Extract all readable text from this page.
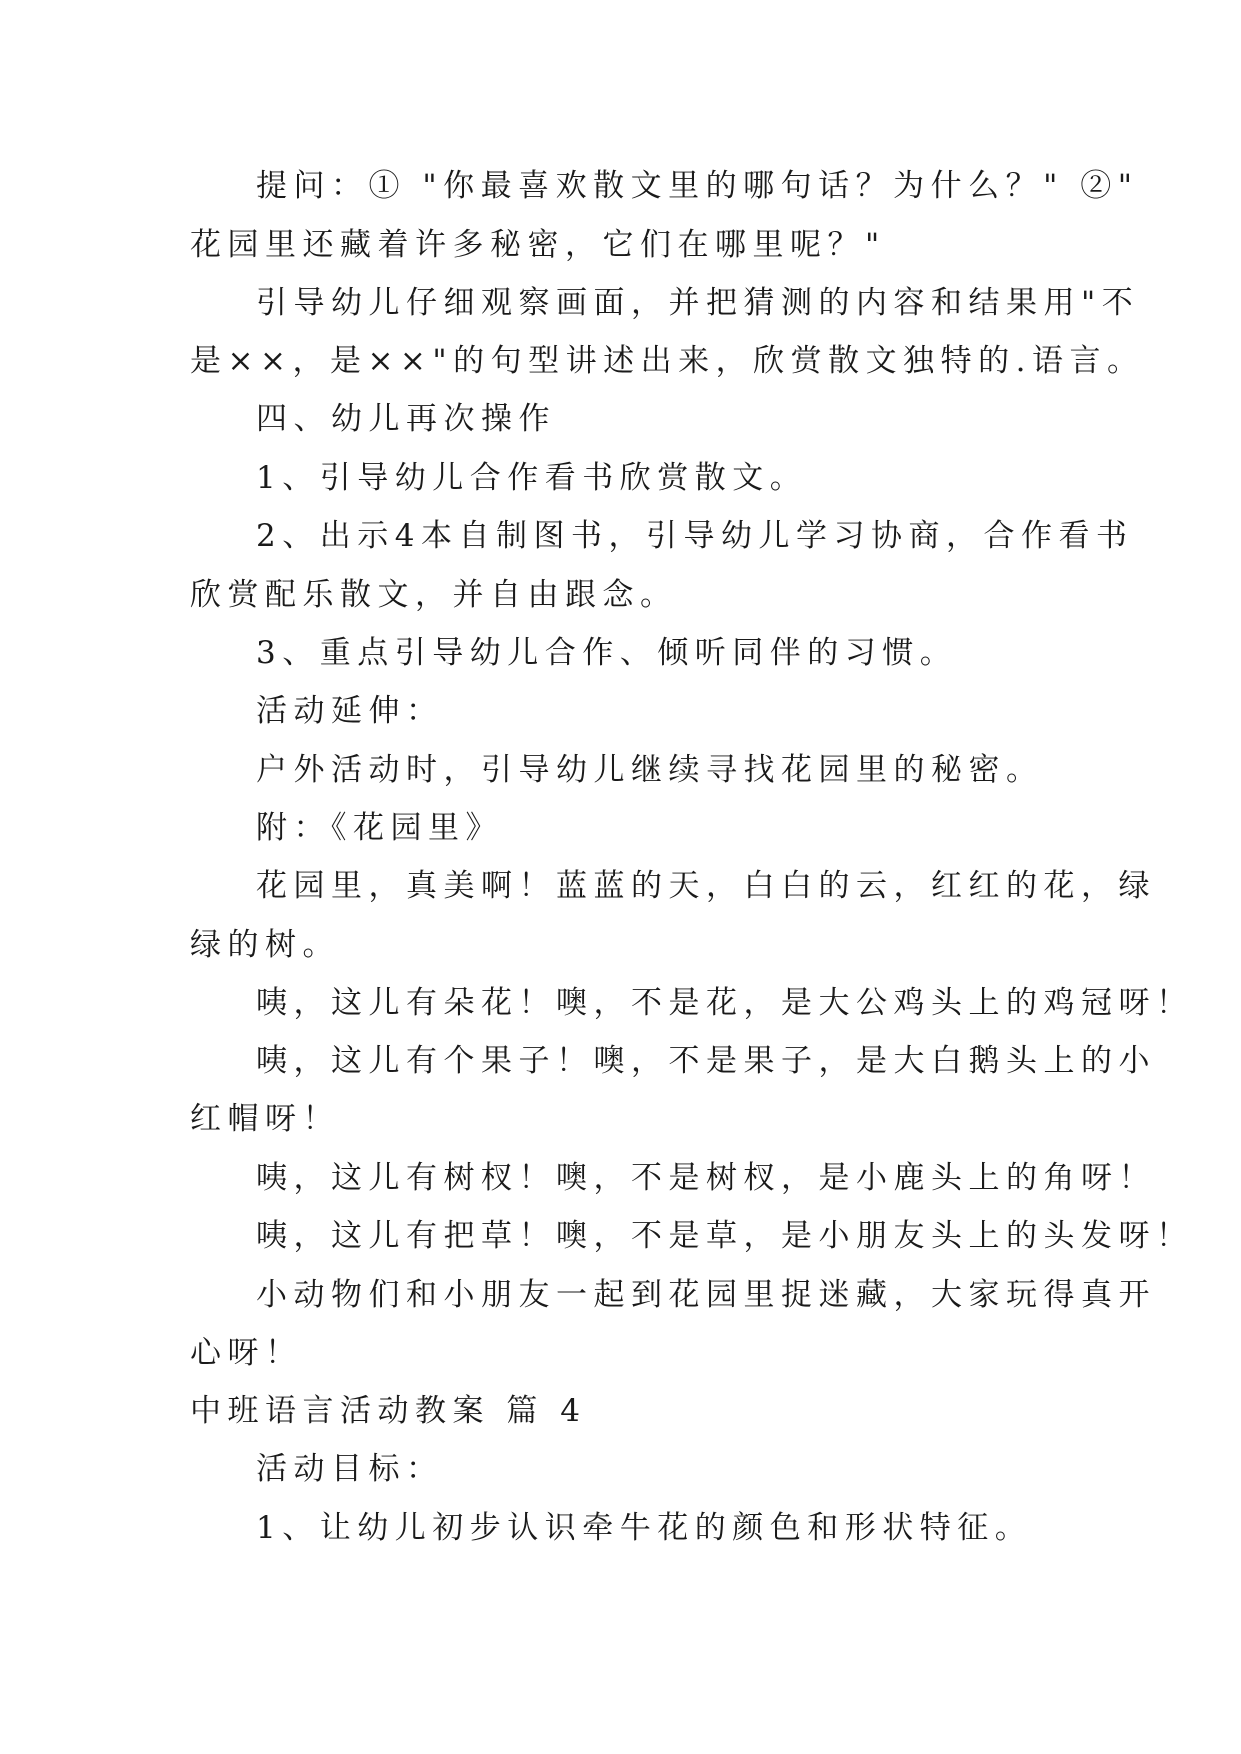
提问：① "你最喜欢散文里的哪句话？为什么？" ②"
花园里还藏着许多秘密，它们在哪里呢？"
引导幼儿仔细观察画面，并把猜测的内容和结果用"不
是××，是××"的句型讲述出来，欣赏散文独特的.语言。
四、幼儿再次操作
1、引导幼儿合作看书欣赏散文。
2、出示4本自制图书，引导幼儿学习协商，合作看书
欣赏配乐散文，并自由跟念。
3、重点引导幼儿合作、倾听同伴的习惯。
活动延伸：
户外活动时，引导幼儿继续寻找花园里的秘密。
附：《花园里》
花园里，真美啊！蓝蓝的天，白白的云，红红的花，绿
绿的树。
咦，这儿有朵花！噢，不是花，是大公鸡头上的鸡冠呀！
咦，这儿有个果子！噢，不是果子，是大白鹅头上的小
红帽呀！
咦，这儿有树杈！噢，不是树杈，是小鹿头上的角呀！
咦，这儿有把草！噢，不是草，是小朋友头上的头发呀！
小动物们和小朋友一起到花园里捉迷藏，大家玩得真开
心呀！
中班语言活动教案 篇 4
活动目标：
1、让幼儿初步认识牵牛花的颜色和形状特征。
